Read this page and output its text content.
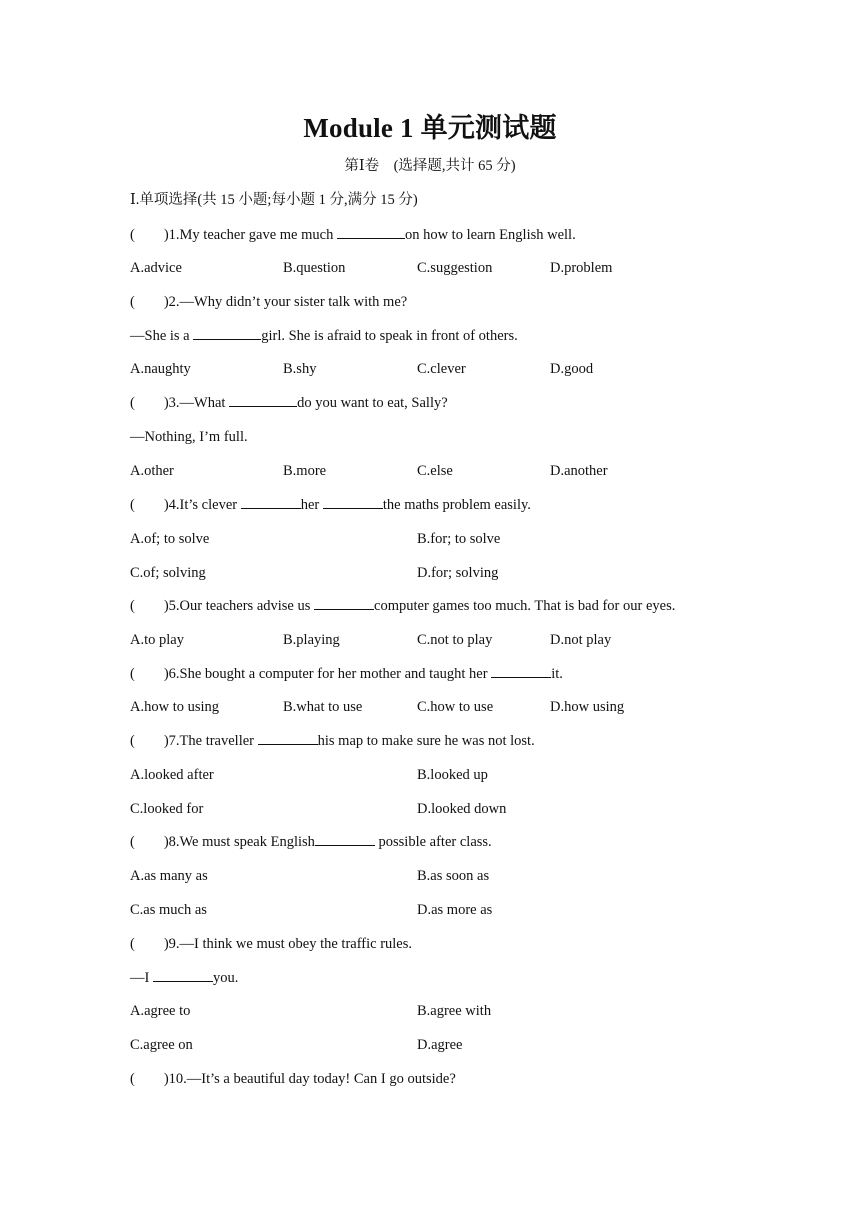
Module 1 单元测试题
第Ⅰ卷　(选择题,共计 65 分)
Ⅰ.单项选择(共 15 小题;每小题 1 分,满分 15 分)
(　　)1.My teacher gave me much	on how to learn English well.
A.advice	B.question	C.suggestion	D.problem
(　　)2.—Why didn’t your sister talk with me?
—She is a	girl. She is afraid to speak in front of others.
A.naughty	B.shy	C.clever	D.good
(　　)3.—What	do you want to eat, Sally?
—Nothing, I’m full.
A.other	B.more	C.else	D.another
(　　)4.It’s clever	her	the maths problem easily.
A.of; to solve	B.for; to solve
C.of; solving	D.for; solving
(　　)5.Our teachers advise us	computer games too much. That is bad for our eyes.
A.to play	B.playing	C.not to play	D.not play
(　　)6.She bought a computer for her mother and taught her	it.
A.how to using	B.what to use	C.how to use	D.how using
(　　)7.The traveller	his map to make sure he was not lost.
A.looked after	B.looked up
C.looked for	D.looked down
(　　)8.We must speak English	possible after class.
A.as many as	B.as soon as
C.as much as	D.as more as
(　　)9.—I think we must obey the traffic rules.
—I	you.
A.agree to	B.agree with
C.agree on	D.agree
(　　)10.—It’s a beautiful day today! Can I go outside?
